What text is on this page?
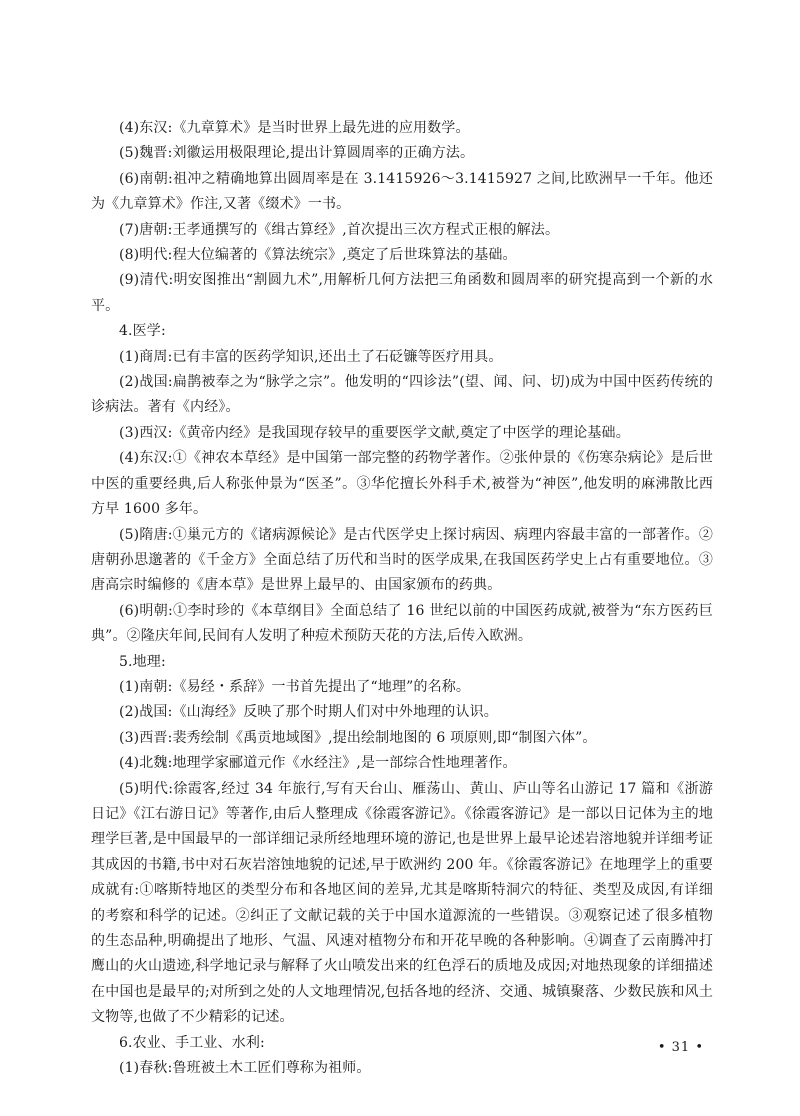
(4)东汉:《九章算术》是当时世界上最先进的应用数学。

(5)魏晋:刘徽运用极限理论,提出计算圆周率的正确方法。

(6)南朝:祖冲之精确地算出圆周率是在 3.1415926～3.1415927 之间,比欧洲早一千年。他还为《九章算术》作注,又著《缀术》一书。

(7)唐朝:王孝通撰写的《缉古算经》,首次提出三次方程式正根的解法。

(8)明代:程大位编著的《算法统宗》,奠定了后世珠算法的基础。

(9)清代:明安图推出“割圆九术”,用解析几何方法把三角函数和圆周率的研究提高到一个新的水平。

4.医学:

(1)商周:已有丰富的医药学知识,还出土了石砭镰等医疗用具。

(2)战国:扁鹊被奉之为“脉学之宗”。他发明的“四诊法”(望、闻、问、切)成为中国中医药传统的诊病法。著有《内经》。

(3)西汉:《黄帝内经》是我国现存较早的重要医学文献,奠定了中医学的理论基础。

(4)东汉:①《神农本草经》是中国第一部完整的药物学著作。②张仲景的《伤寒杂病论》是后世中医的重要经典,后人称张仲景为“医圣”。③华佗擅长外科手术,被誉为“神医”,他发明的麻沸散比西方早 1600 多年。

(5)隋唐:①巢元方的《诸病源候论》是古代医学史上探讨病因、病理内容最丰富的一部著作。②唐朝孙思邈著的《千金方》全面总结了历代和当时的医学成果,在我国医药学史上占有重要地位。③唐高宗时编修的《唐本草》是世界上最早的、由国家颁布的药典。

(6)明朝:①李时珍的《本草纲目》全面总结了 16 世纪以前的中国医药成就,被誉为“东方医药巨典”。②隆庆年间,民间有人发明了种痘术预防天花的方法,后传入欧洲。

5.地理:

(1)南朝:《易经・系辞》一书首先提出了“地理”的名称。

(2)战国:《山海经》反映了那个时期人们对中外地理的认识。

(3)西晋:裴秀绘制《禹贡地域图》,提出绘制地图的 6 项原则,即“制图六体”。

(4)北魏:地理学家郦道元作《水经注》,是一部综合性地理著作。

(5)明代:徐霞客,经过 34 年旅行,写有天台山、雁荡山、黄山、庐山等名山游记 17 篇和《浙游日记》《江右游日记》等著作,由后人整理成《徐霞客游记》。《徐霞客游记》是一部以日记体为主的地理学巨著,是中国最早的一部详细记录所经地理环境的游记,也是世界上最早论述岩溶地貌并详细考证其成因的书籍,书中对石灰岩溶蚀地貌的记述,早于欧洲约 200 年。《徐霞客游记》在地理学上的重要成就有:①喀斯特地区的类型分布和各地区间的差异,尤其是喀斯特洞穴的特征、类型及成因,有详细的考察和科学的记述。②纠正了文献记载的关于中国水道源流的一些错误。③观察记述了很多植物的生态品种,明确提出了地形、气温、风速对植物分布和开花早晚的各种影响。④调查了云南腾冲打鹰山的火山遗迹,科学地记录与解释了火山喷发出来的红色浮石的质地及成因;对地热现象的详细描述在中国也是最早的;对所到之处的人文地理情况,包括各地的经济、交通、城镇聚落、少数民族和风土文物等,也做了不少精彩的记述。

6.农业、手工业、水利:

(1)春秋:鲁班被土木工匠们尊称为祖师。

• 31 •
